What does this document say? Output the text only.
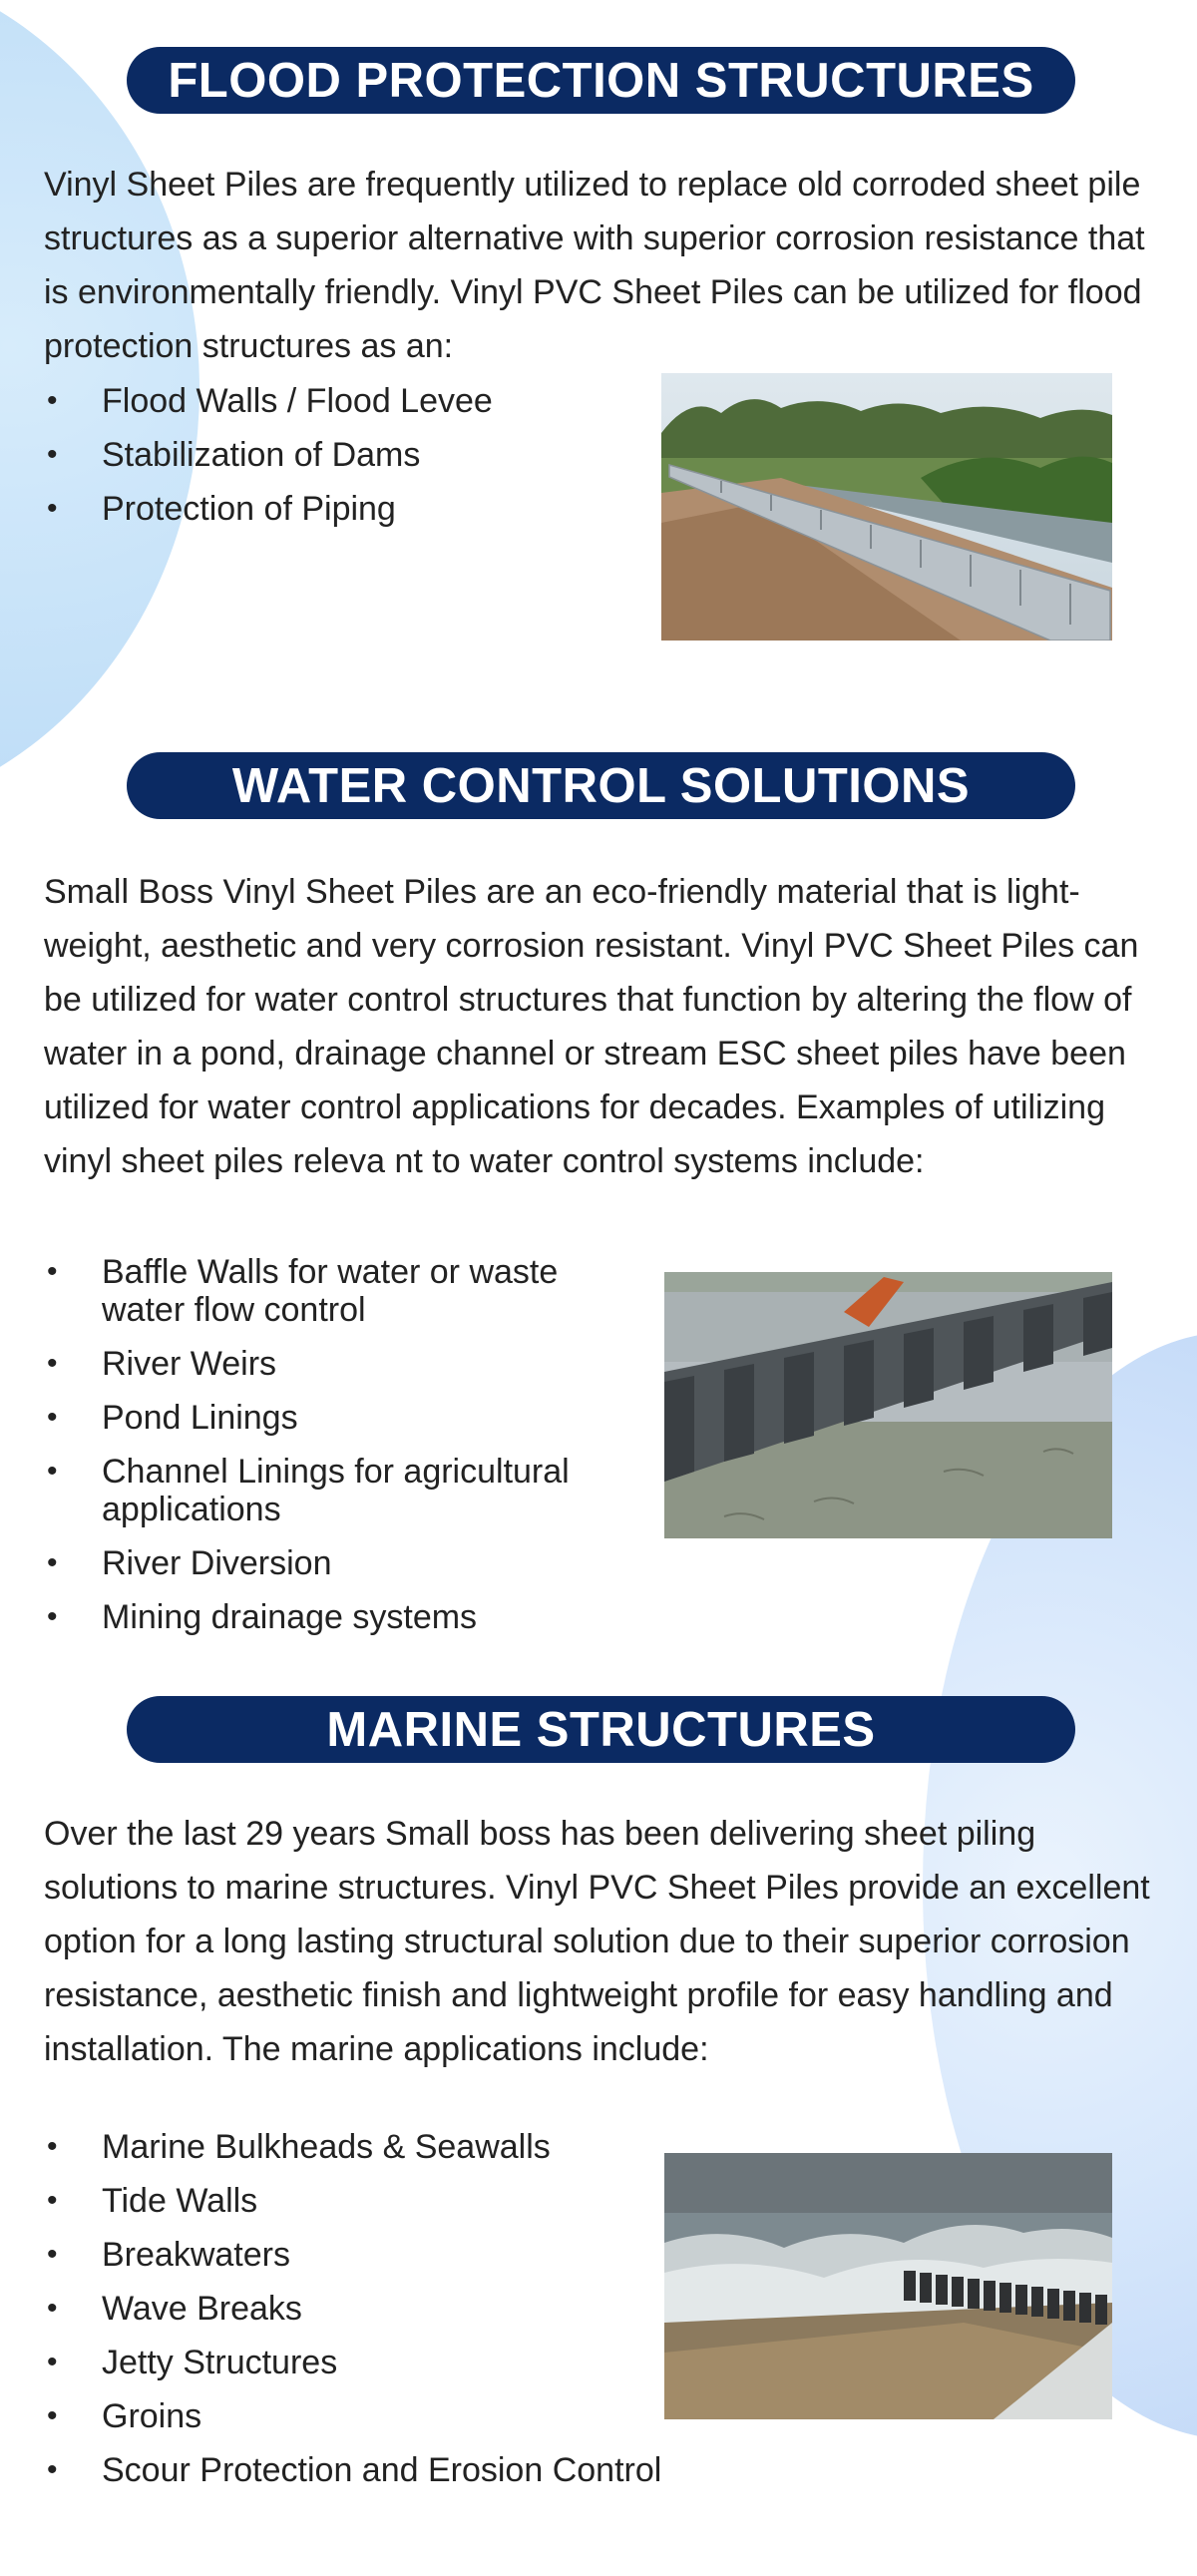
FLOOD PROTECTION STRUCTURES

Vinyl Sheet Piles are frequently utilized to replace old corroded sheet pile structures as a superior alternative with superior corrosion resistance that is environmentally friendly. Vinyl PVC Sheet Piles can be utilized for flood protection structures as an:

• Flood Walls / Flood Levee
• Stabilization of Dams
• Protection of Piping
WATER CONTROL SOLUTIONS

Small Boss Vinyl Sheet Piles are an eco-friendly material that is light-weight, aesthetic and very corrosion resistant. Vinyl PVC Sheet Piles can be utilized for water control structures that function by altering the flow of water in a pond, drainage channel or stream ESC sheet piles have been utilized for water control applications for decades. Examples of utilizing vinyl sheet piles releva nt to water control systems include:

• Baffle Walls for water or waste water flow control
• River Weirs
• Pond Linings
• Channel Linings for agricultural applications
• River Diversion
• Mining drainage systems
MARINE STRUCTURES

Over the last 29 years Small boss has been delivering sheet piling solutions to marine structures. Vinyl PVC Sheet Piles provide an excellent option for a long lasting structural solution due to their superior corrosion resistance, aesthetic finish and lightweight profile for easy handling and installation. The marine applications include:

• Marine Bulkheads & Seawalls
• Tide Walls
• Breakwaters
• Wave Breaks
• Jetty Structures
• Groins
• Scour Protection and Erosion Control
